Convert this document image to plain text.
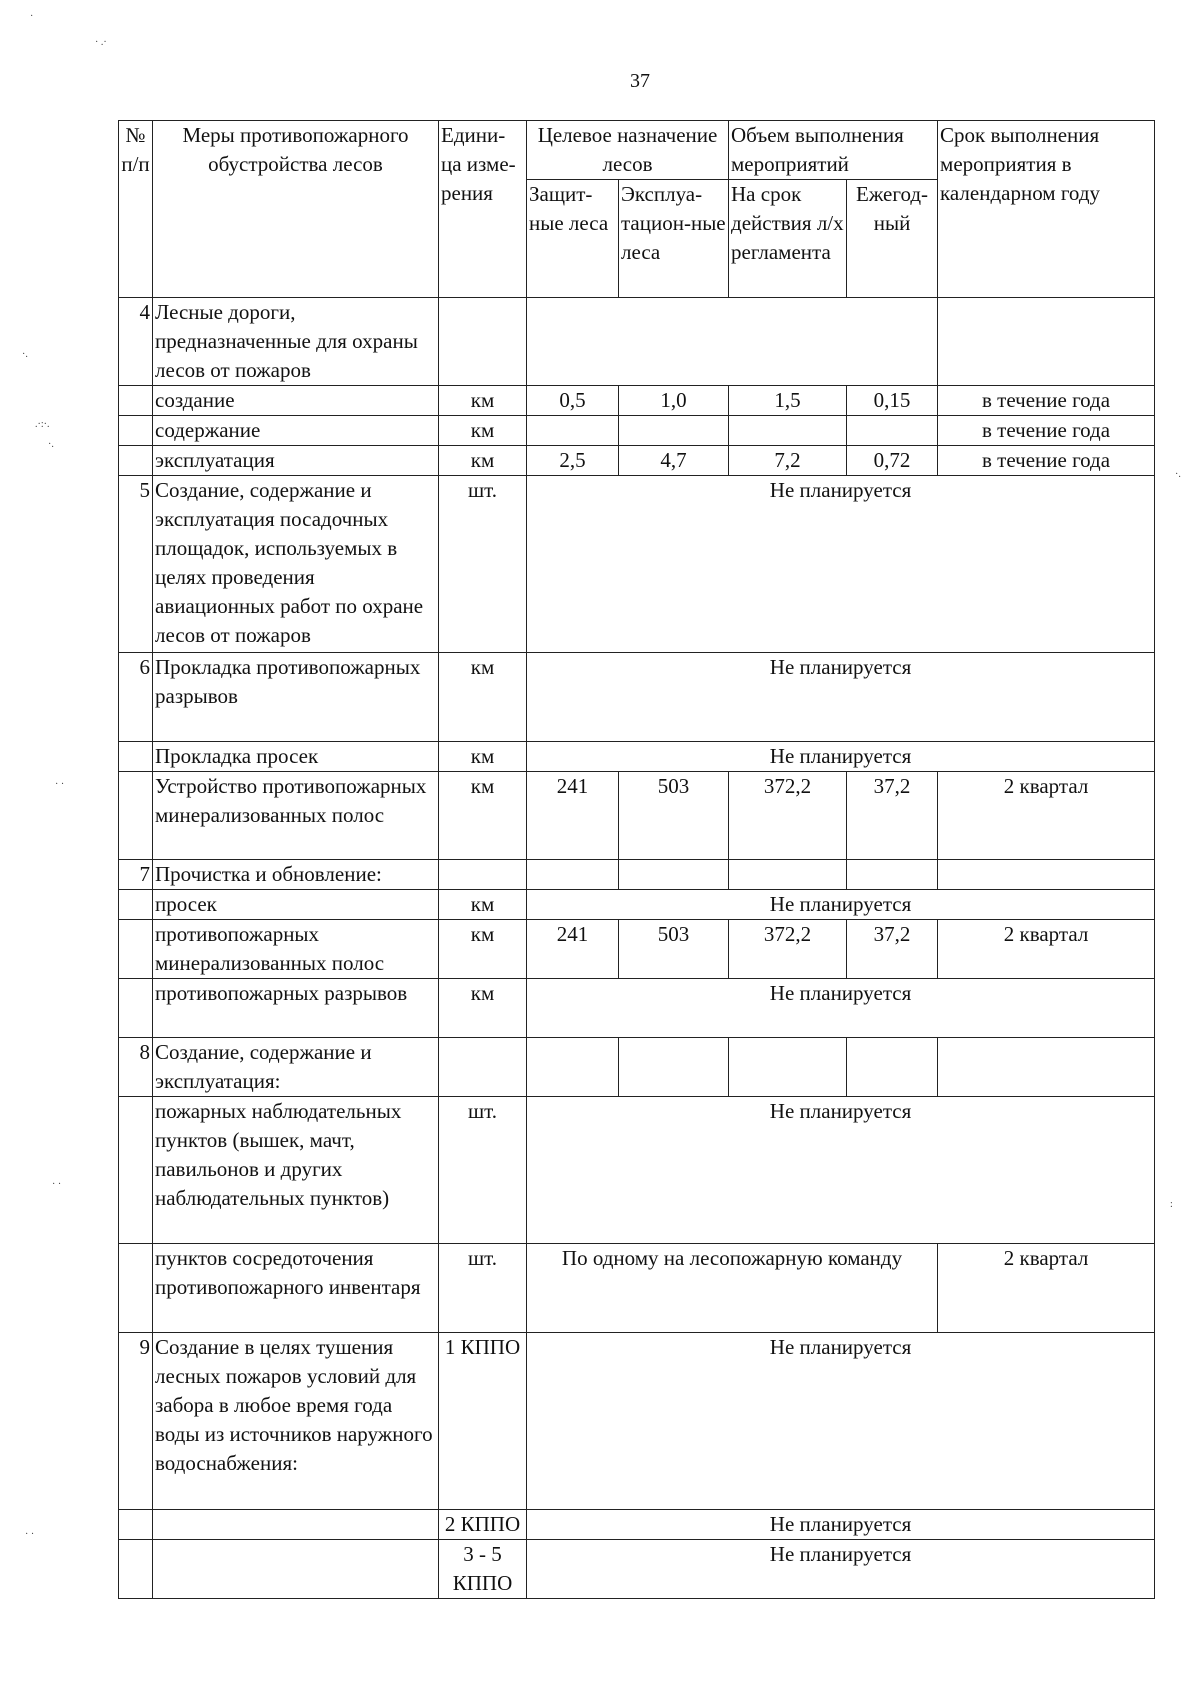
37
№ п/п	Меры противопожарного обустройства лесов	Едини-ца изме-рения	Целевое назначение лесов		Объем выполнения мероприятий		Срок выполнения мероприятия в календарном году
			Защит-ные леса	Эксплуа-тацион-ные леса	На срок действия л/х регламента	Ежегод-ный	
4	Лесные дороги, предназначенные для охраны лесов от пожаров						
	создание	км	0,5	1,0	1,5	0,15	в течение года
	содержание	км					в течение года
	эксплуатация	км	2,5	4,7	7,2	0,72	в течение года
5	Создание, содержание и эксплуатация посадочных площадок, используемых в целях проведения авиационных работ по охране лесов от пожаров	шт.	Не планируется				
6	Прокладка противопожарных разрывов	км	Не планируется				
	Прокладка просек	км	Не планируется				
	Устройство противопожарных минерализованных полос	км	241	503	372,2	37,2	2 квартал
7	Прочистка и обновление:						
	просек	км	Не планируется				
	противопожарных минерализованных полос	км	241	503	372,2	37,2	2 квартал
	противопожарных разрывов	км	Не планируется				
8	Создание, содержание и эксплуатация:						
	пожарных наблюдательных пунктов (вышек, мачт, павильонов и других наблюдательных пунктов)	шт.	Не планируется				
	пунктов сосредоточения противопожарного инвентаря	шт.	По одному на лесопожарную команду				2 квартал
9	Создание в целях тушения лесных пожаров условий для забора в любое время года воды из источников наружного водоснабжения:	1 КППО	Не планируется				
		2 КППО	Не планируется				
		3 - 5 КППО	Не планируется				
·
· .·
·.
.·:·.
·.
·.
· ·
· ·
:
· ·
